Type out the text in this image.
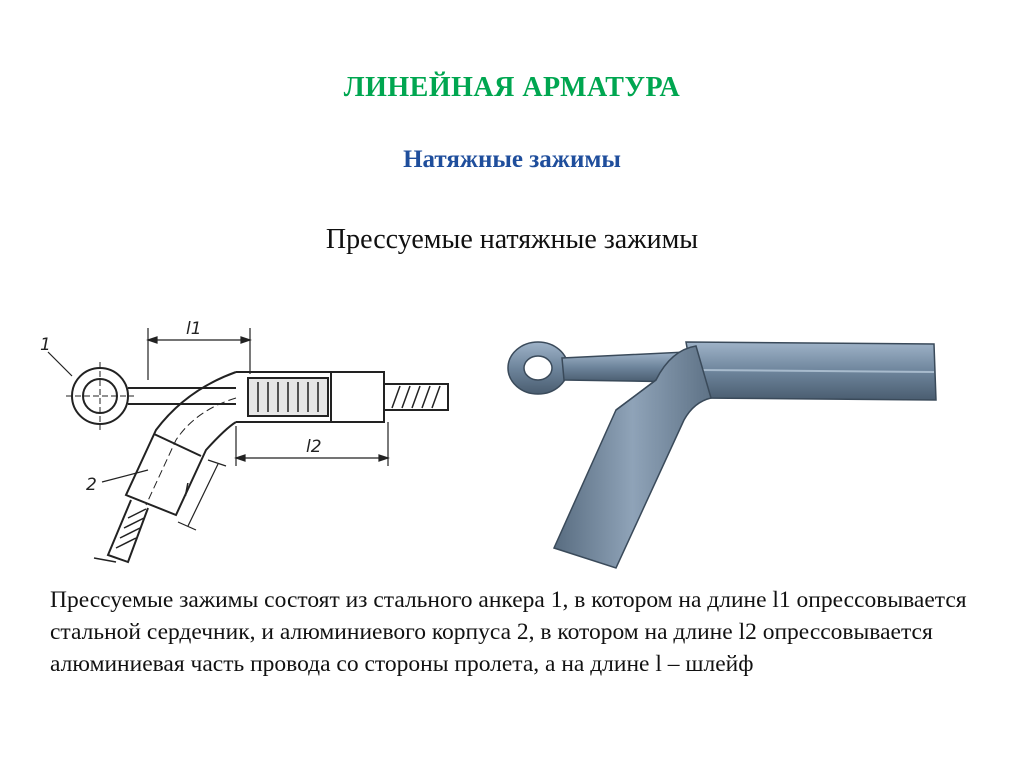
ЛИНЕЙНАЯ АРМАТУРА
Натяжные зажимы
Прессуемые натяжные зажимы
1
2
l1
l2
l
Прессуемые зажимы состоят из стального анкера 1, в котором на длине l1 опрессовывается стальной сердечник, и алюминиевого корпуса 2, в котором на длине l2 опрессовывается алюминиевая часть провода со стороны пролета, а на длине l – шлейф
